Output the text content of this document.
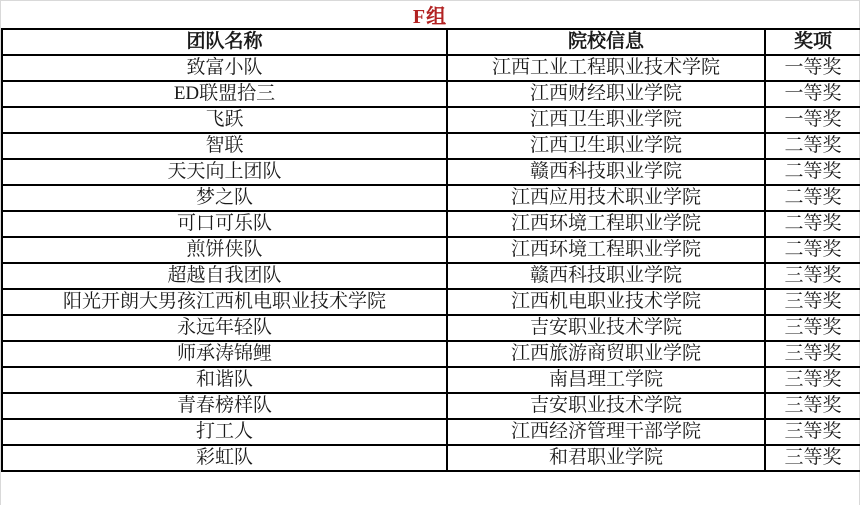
F组
团队名称	院校信息	奖项
致富小队	江西工业工程职业技术学院	一等奖
ED联盟拾三	江西财经职业学院	一等奖
飞跃	江西卫生职业学院	一等奖
智联	江西卫生职业学院	二等奖
天天向上团队	赣西科技职业学院	二等奖
梦之队	江西应用技术职业学院	二等奖
可口可乐队	江西环境工程职业学院	二等奖
煎饼侠队	江西环境工程职业学院	二等奖
超越自我团队	赣西科技职业学院	三等奖
阳光开朗大男孩江西机电职业技术学院	江西机电职业技术学院	三等奖
永远年轻队	吉安职业技术学院	三等奖
师承涛锦鲤	江西旅游商贸职业学院	三等奖
和谐队	南昌理工学院	三等奖
青春榜样队	吉安职业技术学院	三等奖
打工人	江西经济管理干部学院	三等奖
彩虹队	和君职业学院	三等奖
